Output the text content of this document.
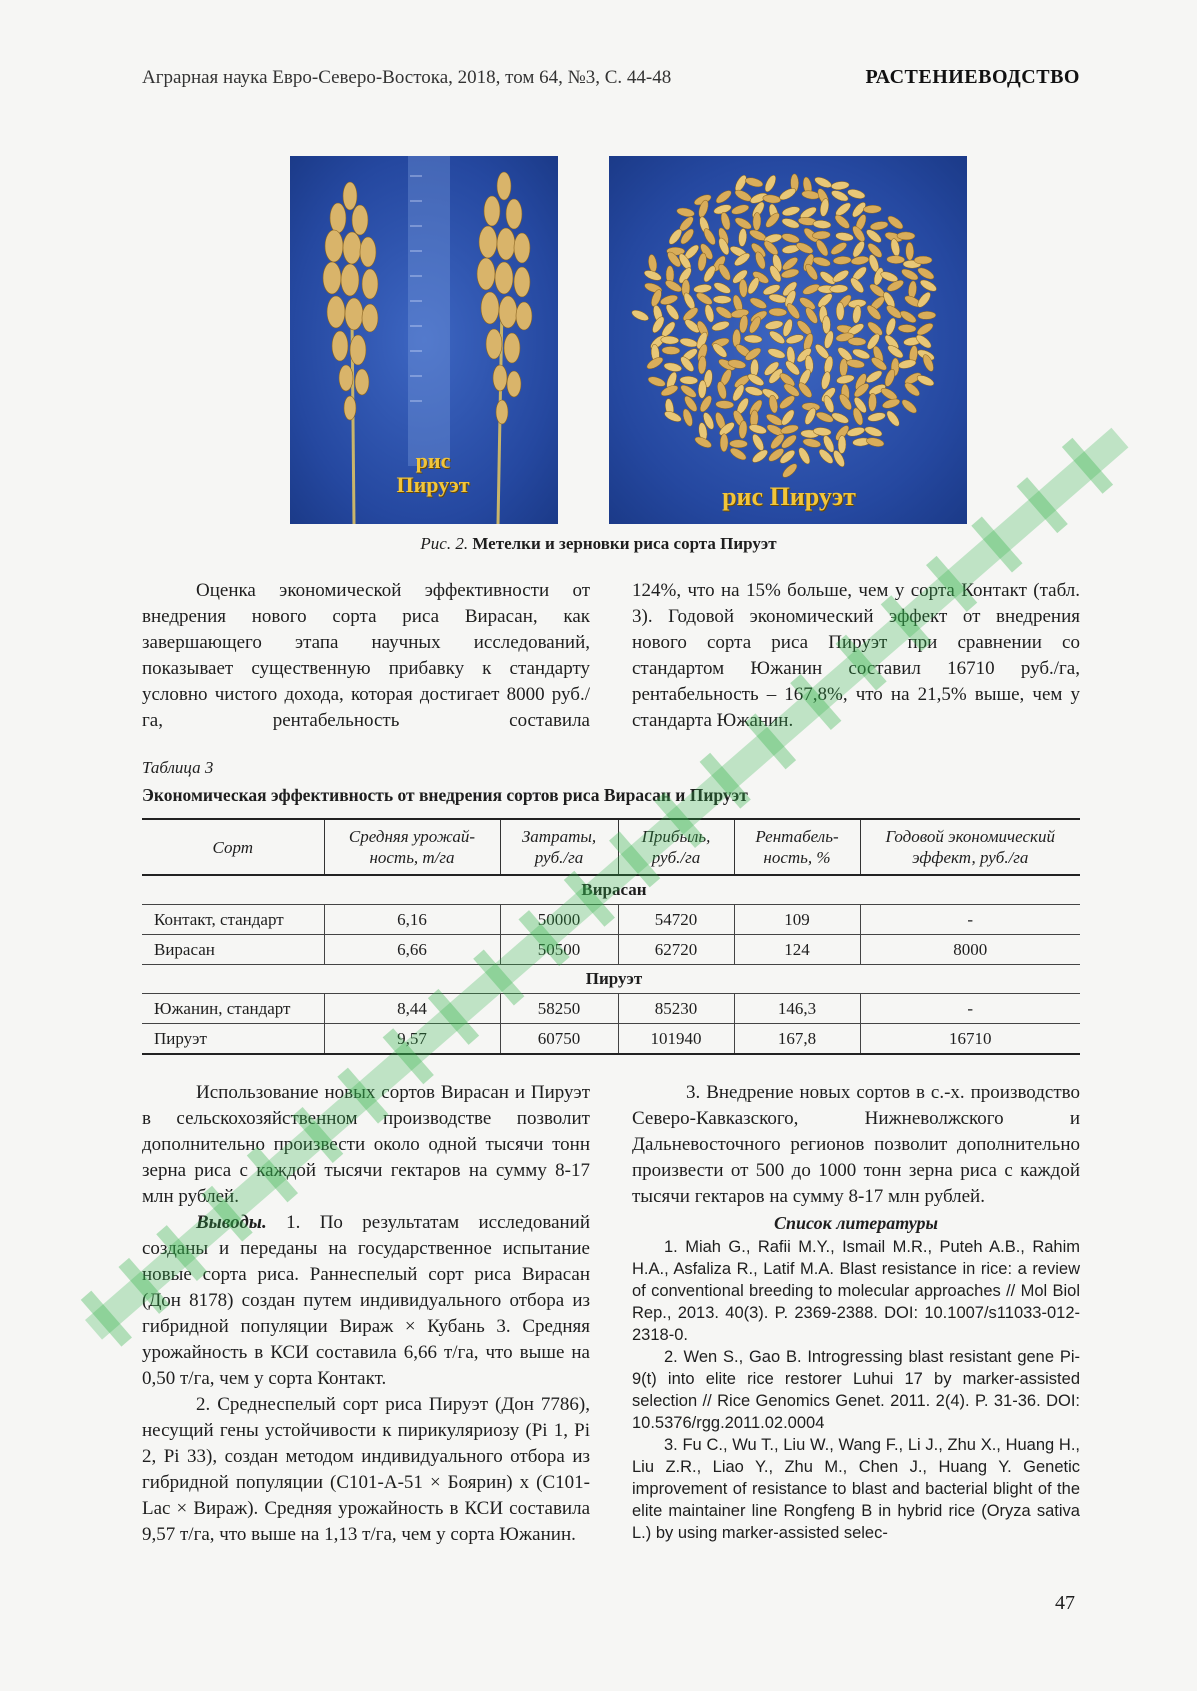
Аграрная наука Евро-Северо-Востока, 2018, том 64, №3, С. 44-48	РАСТЕНИЕВОДСТВО
рис
Пируэт	рис Пируэт
Рис. 2. Метелки и зерновки риса сорта Пируэт

Оценка экономической эффективности от внедрения нового сорта риса Вирасан, как завершающего этапа научных исследований, показывает существенную прибавку к стандарту условно чистого дохода, которая достигает 8000 руб./га, рентабельность составила

124%, что на 15% больше, чем у сорта Контакт (табл. 3). Годовой экономический эффект от внедрения нового сорта риса Пируэт при сравнении со стандартом Южанин составил 16710 руб./га, рентабельность – 167,8%, что на 21,5% выше, чем у стандарта Южанин.

Таблица 3
Экономическая эффективность от внедрения сортов риса Вирасан и Пируэт
Сорт	Средняя урожай-ность, т/га	Затраты, руб./га	Прибыль, руб./га	Рентабель-ность, %	Годовой экономический эффект, руб./га
Вирасан					
Контакт, стандарт	6,16	50000	54720	109	-
Вирасан	6,66	50500	62720	124	8000
Пируэт					
Южанин, стандарт	8,44	58250	85230	146,3	-
Пируэт	9,57	60750	101940	167,8	16710

Использование новых сортов Вирасан и Пируэт в сельскохозяйственном производстве позволит дополнительно произвести около одной тысячи тонн зерна риса с каждой тысячи гектаров на сумму 8-17 млн рублей.

Выводы. 1. По результатам исследований созданы и переданы на государственное испытание новые сорта риса. Раннеспелый сорт риса Вирасан (Дон 8178) создан путем индивидуального отбора из гибридной популяции Вираж × Кубань 3. Средняя урожайность в КСИ составила 6,66 т/га, что выше на 0,50 т/га, чем у сорта Контакт.

2. Среднеспелый сорт риса Пируэт (Дон 7786), несущий гены устойчивости к пирикуляриозу (Pi 1, Pi 2, Pi 33), создан методом индивидуального отбора из гибридной популяции (С101-А-51 × Боярин) х (С101-Lac × Вираж). Средняя урожайность в КСИ составила 9,57 т/га, что выше на 1,13 т/га, чем у сорта Южанин.

3. Внедрение новых сортов в с.-х. производство Северо-Кавказского, Нижневолжского и Дальневосточного регионов позволит дополнительно произвести от 500 до 1000 тонн зерна риса с каждой тысячи гектаров на сумму 8-17 млн рублей.

Список литературы

1. Miah G., Rafii M.Y., Ismail M.R., Puteh A.B., Rahim H.A., Asfaliza R., Latif M.A. Blast resistance in rice: a review of conventional breeding to molecular approaches // Mol Biol Rep., 2013. 40(3). P. 2369-2388. DOI: 10.1007/s11033-012-2318-0.

2. Wen S., Gao B. Introgressing blast resistant gene Pi-9(t) into elite rice restorer Luhui 17 by marker-assisted selection // Rice Genomics Genet. 2011. 2(4). P. 31-36. DOI: 10.5376/rgg.2011.02.0004

3. Fu C., Wu T., Liu W., Wang F., Li J., Zhu X., Huang H., Liu Z.R., Liao Y., Zhu M., Chen J., Huang Y. Genetic improvement of resistance to blast and bacterial blight of the elite maintainer line Rongfeng B in hybrid rice (Oryza sativa L.) by using marker-assisted selec-

47
